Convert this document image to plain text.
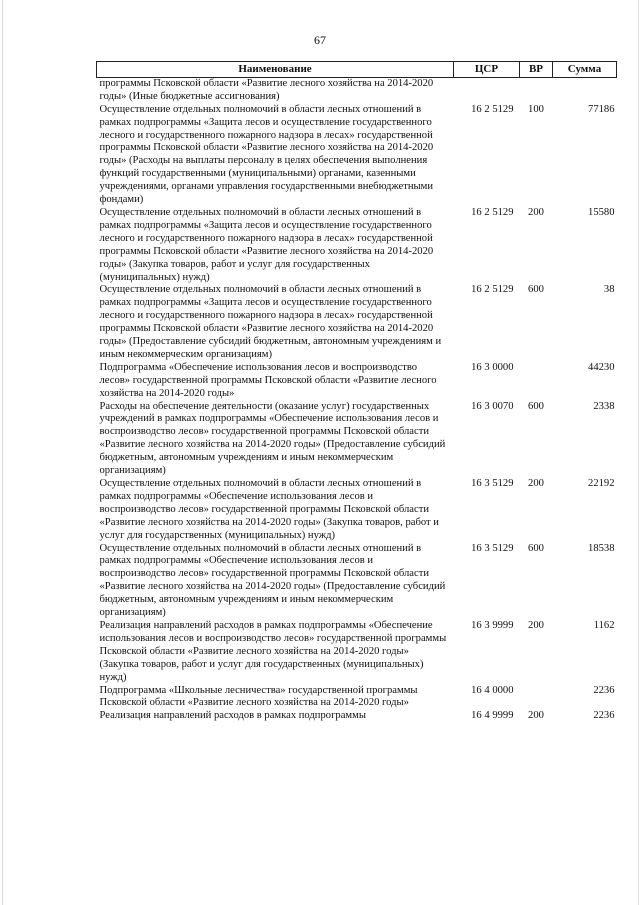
67
Наименование	ЦСР	ВР	Сумма
программы Псковской области «Развитие лесного хозяйства на 2014-2020 годы» (Иные бюджетные ассигнования)			
Осуществление отдельных полномочий в области лесных отношений в рамках подпрограммы «Защита лесов и осуществление государственного лесного и государственного пожарного надзора в лесах» государственной программы Псковской области «Развитие лесного хозяйства на 2014-2020 годы» (Расходы на выплаты персоналу в целях обеспечения выполнения функций государственными (муниципальными) органами, казенными учреждениями, органами управления государственными внебюджетными фондами)	16 2 5129	100	77186
Осуществление отдельных полномочий в области лесных отношений в рамках подпрограммы «Защита лесов и осуществление государственного лесного и государственного пожарного надзора в лесах» государственной программы Псковской области «Развитие лесного хозяйства на 2014-2020 годы» (Закупка товаров, работ и услуг для государственных (муниципальных) нужд)	16 2 5129	200	15580
Осуществление отдельных полномочий в области лесных отношений в рамках подпрограммы «Защита лесов и осуществление государственного лесного и государственного пожарного надзора в лесах» государственной программы Псковской области «Развитие лесного хозяйства на 2014-2020 годы» (Предоставление субсидий бюджетным, автономным учреждениям и иным некоммерческим организациям)	16 2 5129	600	38
Подпрограмма «Обеспечение использования лесов и воспроизводство лесов» государственной программы Псковской области «Развитие лесного хозяйства на 2014-2020 годы»	16 3 0000		44230
Расходы на обеспечение деятельности (оказание услуг) государственных учреждений в рамках подпрограммы «Обеспечение использования лесов и воспроизводство лесов» государственной программы Псковской области «Развитие лесного хозяйства на 2014-2020 годы» (Предоставление субсидий бюджетным, автономным учреждениям и иным некоммерческим организациям)	16 3 0070	600	2338
Осуществление отдельных полномочий в области лесных отношений в рамках подпрограммы «Обеспечение использования лесов и воспроизводство лесов» государственной программы Псковской области «Развитие лесного хозяйства на 2014-2020 годы» (Закупка товаров, работ и услуг для государственных (муниципальных) нужд)	16 3 5129	200	22192
Осуществление отдельных полномочий в области лесных отношений в рамках подпрограммы «Обеспечение использования лесов и воспроизводство лесов» государственной программы Псковской области «Развитие лесного хозяйства на 2014-2020 годы» (Предоставление субсидий бюджетным, автономным учреждениям и иным некоммерческим организациям)	16 3 5129	600	18538
Реализация направлений расходов в рамках подпрограммы «Обеспечение использования лесов и воспроизводство лесов» государственной программы Псковской области «Развитие лесного хозяйства на 2014-2020 годы» (Закупка товаров, работ и услуг для государственных (муниципальных) нужд)	16 3 9999	200	1162
Подпрограмма «Школьные лесничества» государственной программы Псковской области «Развитие лесного хозяйства на 2014-2020 годы»	16 4 0000		2236
Реализация направлений расходов в рамках подпрограммы	16 4 9999	200	2236
